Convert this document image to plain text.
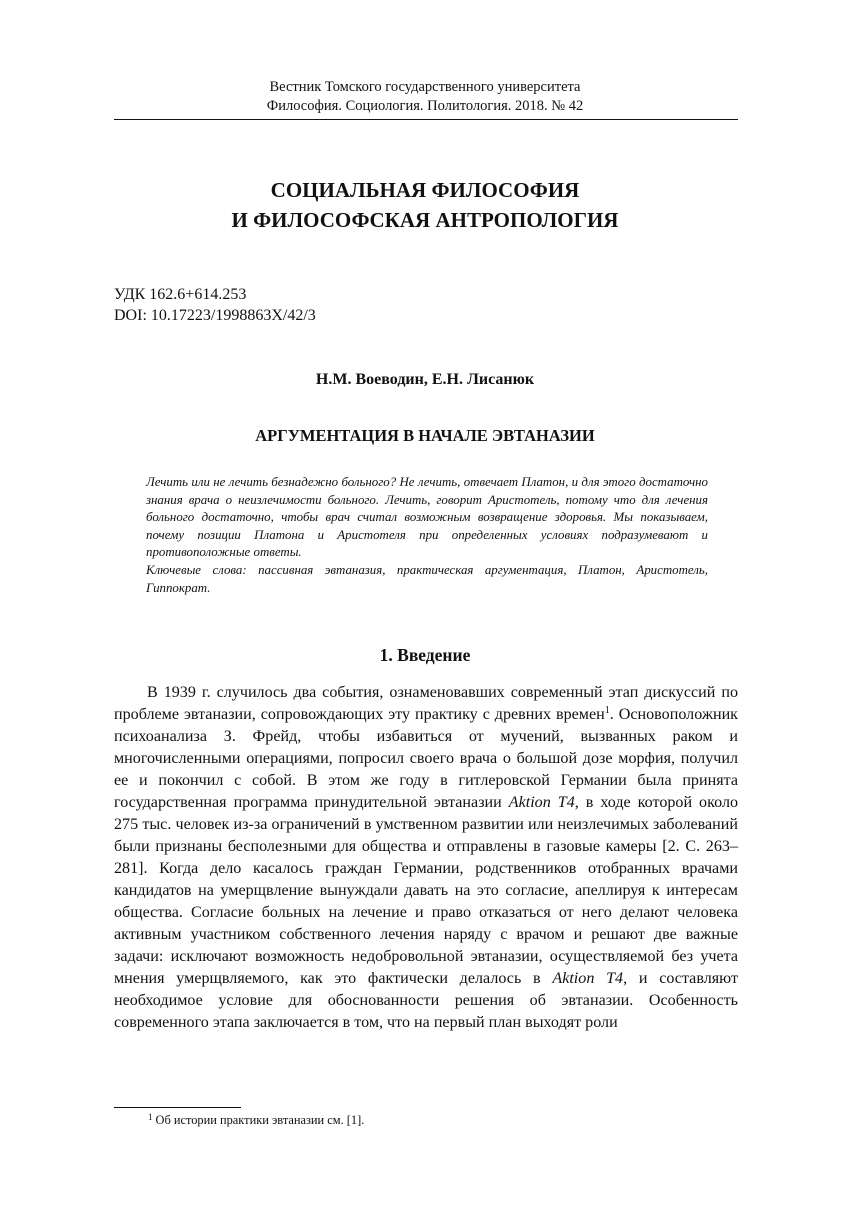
Вестник Томского государственного университета
Философия. Социология. Политология. 2018. № 42
СОЦИАЛЬНАЯ ФИЛОСОФИЯ
И ФИЛОСОФСКАЯ АНТРОПОЛОГИЯ
УДК 162.6+614.253
DOI: 10.17223/1998863Х/42/3
Н.М. Воеводин, Е.Н. Лисанюк
АРГУМЕНТАЦИЯ В НАЧАЛЕ ЭВТАНАЗИИ

Лечить или не лечить безнадежно больного? Не лечить, отвечает Платон, и для этого достаточно знания врача о неизлечимости больного. Лечить, говорит Аристотель, потому что для лечения больного достаточно, чтобы врач считал возможным возвращение здоровья. Мы показываем, почему позиции Платона и Аристотеля при определенных условиях подразумевают и противоположные ответы.

Ключевые слова: пассивная эвтаназия, практическая аргументация, Платон, Аристотель, Гиппократ.

1. Введение

В 1939 г. случилось два события, ознаменовавших современный этап дискуссий по проблеме эвтаназии, сопровождающих эту практику с древних времен$^1$. Основоположник психоанализа З. Фрейд, чтобы избавиться от мучений, вызванных раком и многочисленными операциями, попросил своего врача о большой дозе морфия, получил ее и покончил с собой. В этом же году в гитлеровской Германии была принята государственная программа принудительной эвтаназии Aktion T4, в ходе которой около 275 тыс. человек из-за ограничений в умственном развитии или неизлечимых заболеваний были признаны бесполезными для общества и отправлены в газовые камеры [2. С. 263–281]. Когда дело касалось граждан Германии, родственников отобранных врачами кандидатов на умерщвление вынуждали давать на это согласие, апеллируя к интересам общества. Согласие больных на лечение и право отказаться от него делают человека активным участником собственного лечения наряду с врачом и решают две важные задачи: исключают возможность недобровольной эвтаназии, осуществляемой без учета мнения умерщвляемого, как это фактически делалось в Aktion T4, и составляют необходимое условие для обоснованности решения об эвтаназии. Особенность современного этапа заключается в том, что на первый план выходят роли

$^1$ Об истории практики эвтаназии см. [1].
